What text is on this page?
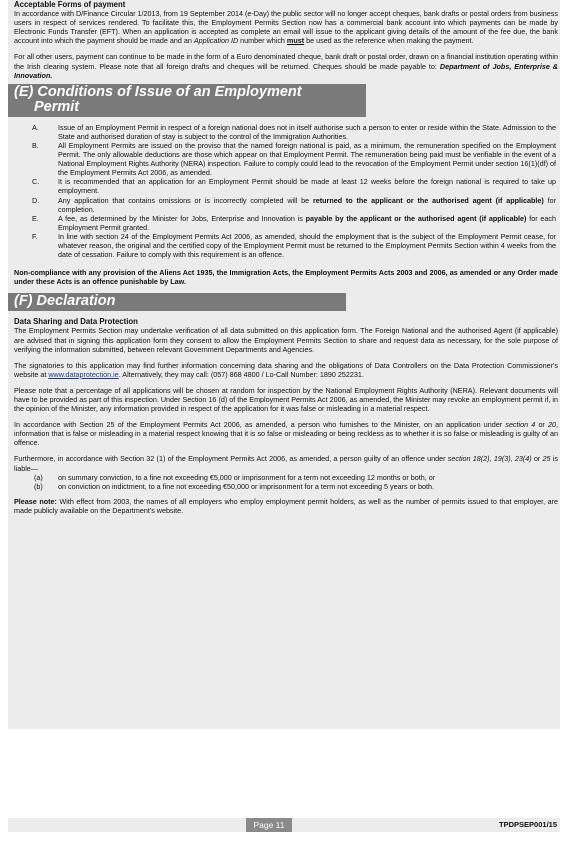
Acceptable Forms of payment

In accordance with D/Finance Circular 1/2013, from 19 September 2014 (e-Day) the public sector will no longer accept cheques, bank drafts or postal orders from business users in respect of services rendered. To facilitate this, the Employment Permits Section now has a commercial bank account into which payments can be made by Electronic Funds Transfer (EFT). When an application is accepted as complete an email will issue to the applicant giving details of the amount of the fee due, the bank account into which the payment should be made and an Application ID number which must be used as the reference when making the payment.

For all other users, payment can continue to be made in the form of a Euro denominated cheque, bank draft or postal order, drawn on a financial institution operating within the Irish clearing system. Please note that all foreign drafts and cheques will be returned. Cheques should be made payable to: Department of Jobs, Enterprise & Innovation.

(E) Conditions of Issue of an Employment
Permit
A.	Issue of an Employment Permit in respect of a foreign national does not in itself authorise such a person to enter or reside within the State. Admission to the State and authorised duration of stay is subject to the control of the Immigration Authorities.
B.	All Employment Permits are issued on the proviso that the named foreign national is paid, as a minimum, the remuneration specified on the Employment Permit. The only allowable deductions are those which appear on that Employment Permit. The remuneration being paid must be verifiable in the event of a National Employment Rights Authority (NERA) inspection. Failure to comply could lead to the revocation of the Employment Permit under section 16(1)(df) of the Employment Permits Act 2006, as amended.
C.	It is recommended that an application for an Employment Permit should be made at least 12 weeks before the foreign national is required to take up employment.
D.	Any application that contains omissions or is incorrectly completed will be returned to the applicant or the authorised agent (if applicable) for completion.
E.	A fee, as determined by the Minister for Jobs, Enterprise and Innovation is payable by the applicant or the authorised agent (if applicable) for each Employment Permit granted.
F.	In line with section 24 of the Employment Permits Act 2006, as amended, should the employment that is the subject of the Employment Permit cease, for whatever reason, the original and the certified copy of the Employment Permit must be returned to the Employment Permits Section within 4 weeks from the date of cessation. Failure to comply with this requirement is an offence.

Non-compliance with any provision of the Aliens Act 1935, the Immigration Acts, the Employment Permits Acts 2003 and 2006, as amended or any Order made under these Acts is an offence punishable by Law.

(F) Declaration

Data Sharing and Data Protection

The Employment Permits Section may undertake verification of all data submitted on this application form. The Foreign National and the authorised Agent (if applicable) are advised that in signing this application form they consent to allow the Employment Permits Section to share and request data as necessary, for the sole purpose of verifying the information submitted, between relevant Government Departments and Agencies.

The signatories to this application may find further information concerning data sharing and the obligations of Data Controllers on the Data Protection Commissioner's website at www.dataprotection.ie. Alternatively, they may call: (057) 868 4800 / Lo-Call Number: 1890 252231.

Please note that a percentage of all applications will be chosen at random for inspection by the National Employment Rights Authority (NERA). Relevant documents will have to be provided as part of this inspection. Under Section 16 (d) of the Employment Permits Act 2006, as amended, the Minister may revoke an employment permit if, in the opinion of the Minister, any information provided in respect of the application for it was false or misleading in a material respect.

In accordance with Section 25 of the Employment Permits Act 2006, as amended, a person who furnishes to the Minister, on an application under section 4 or 20, information that is false or misleading in a material respect knowing that it is so false or misleading or being reckless as to whether it is so false or misleading is guilty of an offence.

Furthermore, in accordance with Section 32 (1) of the Employment Permits Act 2006, as amended, a person guilty of an offence under section 18(2), 19(3), 23(4) or 25 is liable—

(a)	on summary conviction, to a fine not exceeding €5,000 or imprisonment for a term not exceeding 12 months or both, or
(b)	on conviction on indictment, to a fine not exceeding €50,000 or imprisonment for a term not exceeding 5 years or both.

Please note: With effect from 2003, the names of all employers who employ employment permit holders, as well as the number of permits issued to that employer, are made publicly available on the Department's website.

Page 11	TPDPSEP001/15
